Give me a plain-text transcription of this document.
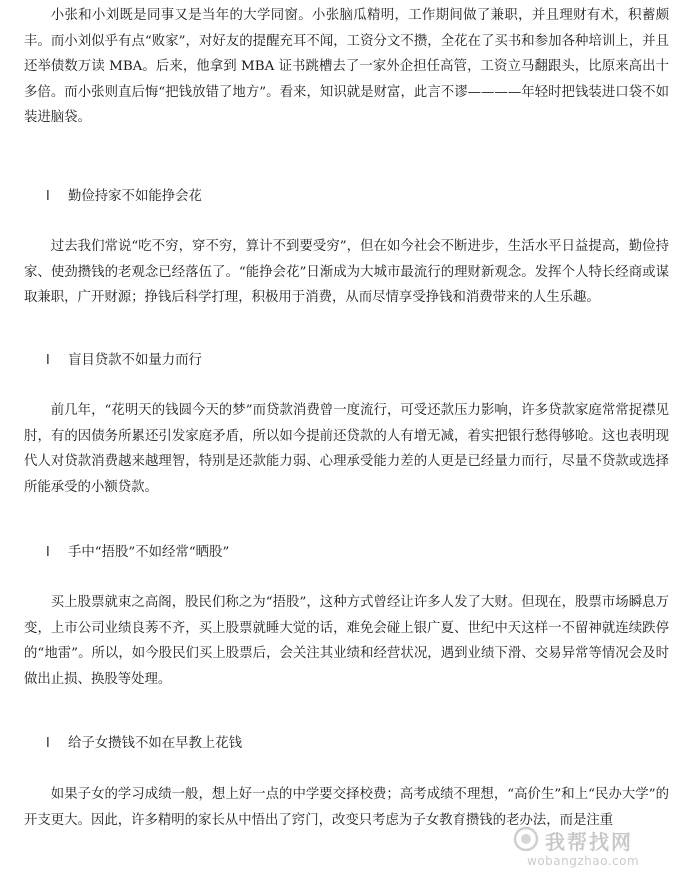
小张和小刘既是同事又是当年的大学同窗。小张脑瓜精明，工作期间做了兼职，并且理财有术，积蓄颇丰。而小刘似乎有点“败家”，对好友的提醒充耳不闻，工资分文不攒，全花在了买书和参加各种培训上，并且还举债数万读 MBA。后来，他拿到 MBA 证书跳槽去了一家外企担任高管，工资立马翻跟头，比原来高出十多倍。而小张则直后悔“把钱放错了地方”。看来，知识就是财富，此言不谬————年轻时把钱装进口袋不如装进脑袋。

l 勤俭持家不如能挣会花

过去我们常说“吃不穷，穿不穷，算计不到要受穷”，但在如今社会不断进步，生活水平日益提高，勤俭持家、使劲攒钱的老观念已经落伍了。“能挣会花”日渐成为大城市最流行的理财新观念。发挥个人特长经商或谋取兼职，广开财源；挣钱后科学打理，积极用于消费，从而尽情享受挣钱和消费带来的人生乐趣。

l 盲目贷款不如量力而行

前几年，“花明天的钱圆今天的梦”而贷款消费曾一度流行，可受还款压力影响，许多贷款家庭常常捉襟见肘，有的因债务所累还引发家庭矛盾，所以如今提前还贷款的人有增无减，着实把银行愁得够呛。这也表明现代人对贷款消费越来越理智，特别是还款能力弱、心理承受能力差的人更是已经量力而行，尽量不贷款或选择所能承受的小额贷款。

l 手中“捂股”不如经常“晒股”

买上股票就束之高阁，股民们称之为“捂股”，这种方式曾经让许多人发了大财。但现在，股票市场瞬息万变，上市公司业绩良莠不齐，买上股票就睡大觉的话，难免会碰上银广夏、世纪中天这样一不留神就连续跌停的“地雷”。所以，如今股民们买上股票后，会关注其业绩和经营状况，遇到业绩下滑、交易异常等情况会及时做出止损、换股等处理。

l 给子女攒钱不如在早教上花钱

如果子女的学习成绩一般，想上好一点的中学要交择校费；高考成绩不理想，“高价生”和上“民办大学”的开支更大。因此，许多精明的家长从中悟出了窍门，改变只考虑为子女教育攒钱的老办法，而是注重

我帮找网
wobangzhao.com
